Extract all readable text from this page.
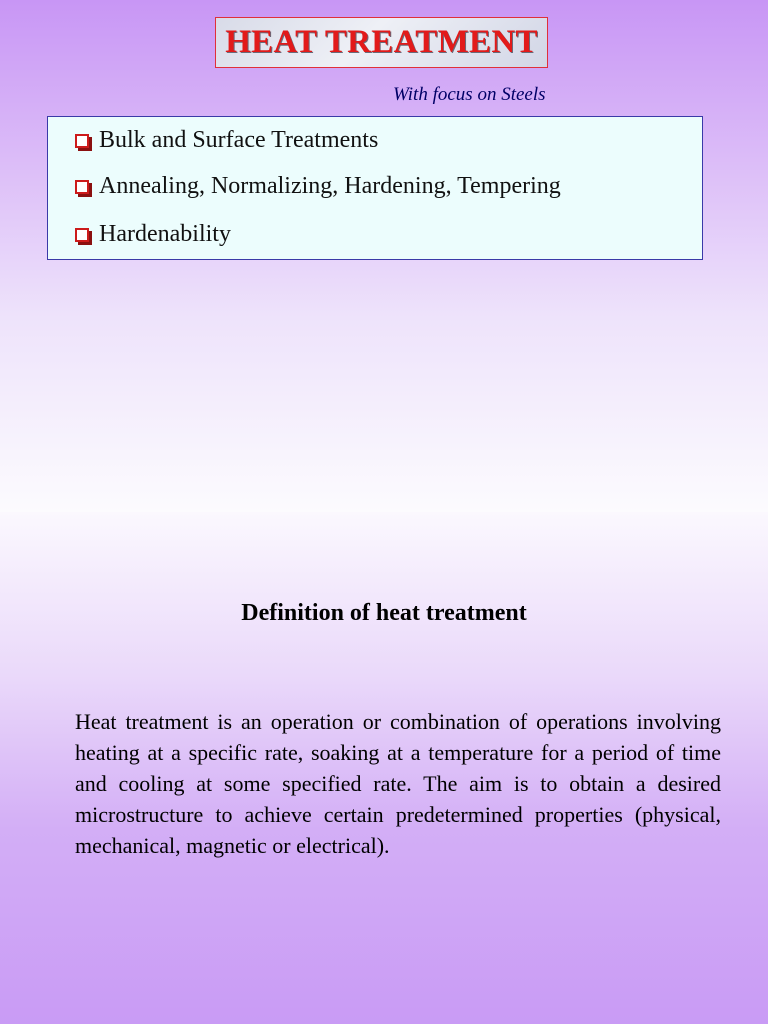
HEAT TREATMENT
With focus on Steels
Bulk and Surface Treatments
Annealing, Normalizing, Hardening, Tempering
Hardenability
Definition of heat treatment
Heat treatment is an operation or combination of operations involving heating at a specific rate, soaking at a temperature for a period of time  and cooling at some specified rate. The aim is to obtain a desired microstructure to achieve certain predetermined properties (physical, mechanical, magnetic or electrical).
